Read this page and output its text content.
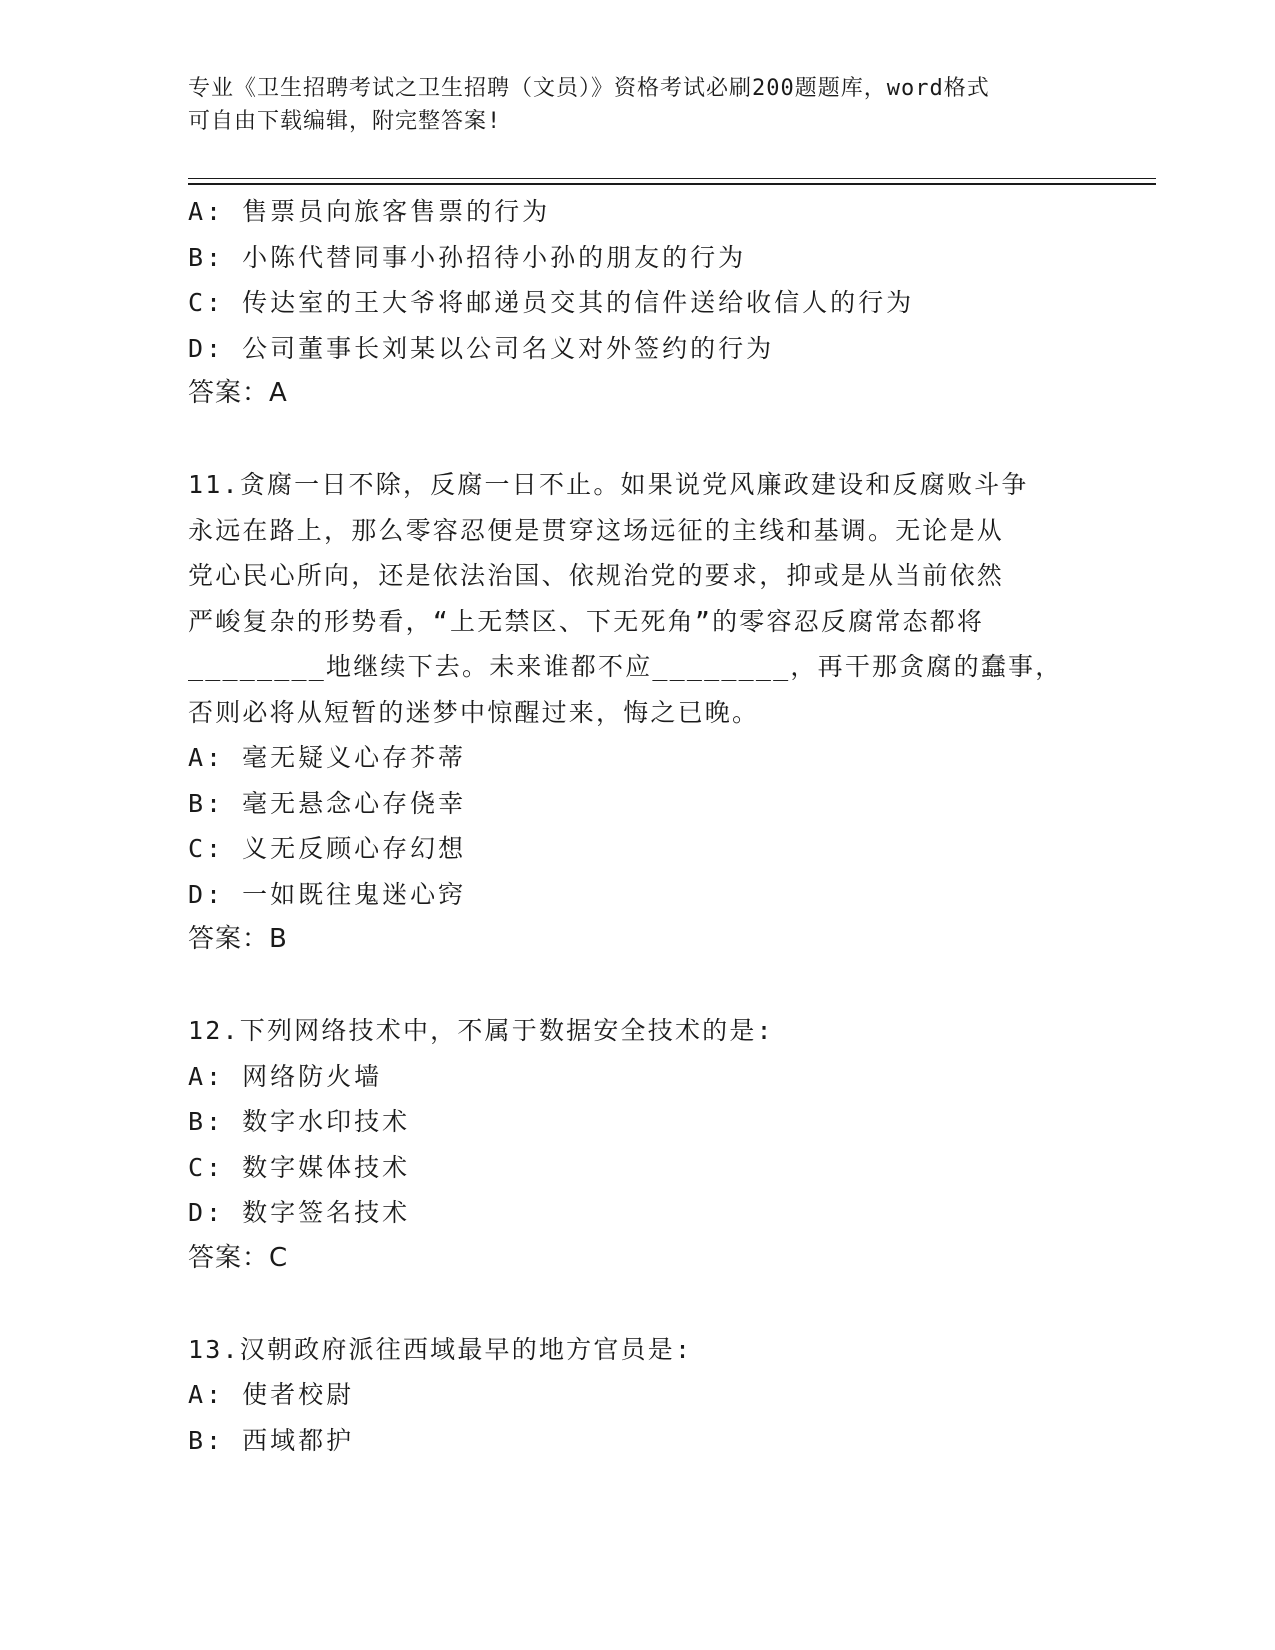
专业《卫生招聘考试之卫生招聘（文员）》资格考试必刷200题题库，word格式
可自由下载编辑，附完整答案!
A: 售票员向旅客售票的行为
B: 小陈代替同事小孙招待小孙的朋友的行为
C: 传达室的王大爷将邮递员交其的信件送给收信人的行为
D: 公司董事长刘某以公司名义对外签约的行为
答案：A
11.贪腐一日不除，反腐一日不止。如果说党风廉政建设和反腐败斗争
永远在路上，那么零容忍便是贯穿这场远征的主线和基调。无论是从
党心民心所向，还是依法治国、依规治党的要求，抑或是从当前依然
严峻复杂的形势看，“上无禁区、下无死角”的零容忍反腐常态都将
________地继续下去。未来谁都不应________，再干那贪腐的蠢事，
否则必将从短暂的迷梦中惊醒过来，悔之已晚。
A: 毫无疑义心存芥蒂
B: 毫无悬念心存侥幸
C: 义无反顾心存幻想
D: 一如既往鬼迷心窍
答案：B
12.下列网络技术中，不属于数据安全技术的是:
A: 网络防火墙
B: 数字水印技术
C: 数字媒体技术
D: 数字签名技术
答案：C
13.汉朝政府派往西域最早的地方官员是:
A: 使者校尉
B: 西域都护
